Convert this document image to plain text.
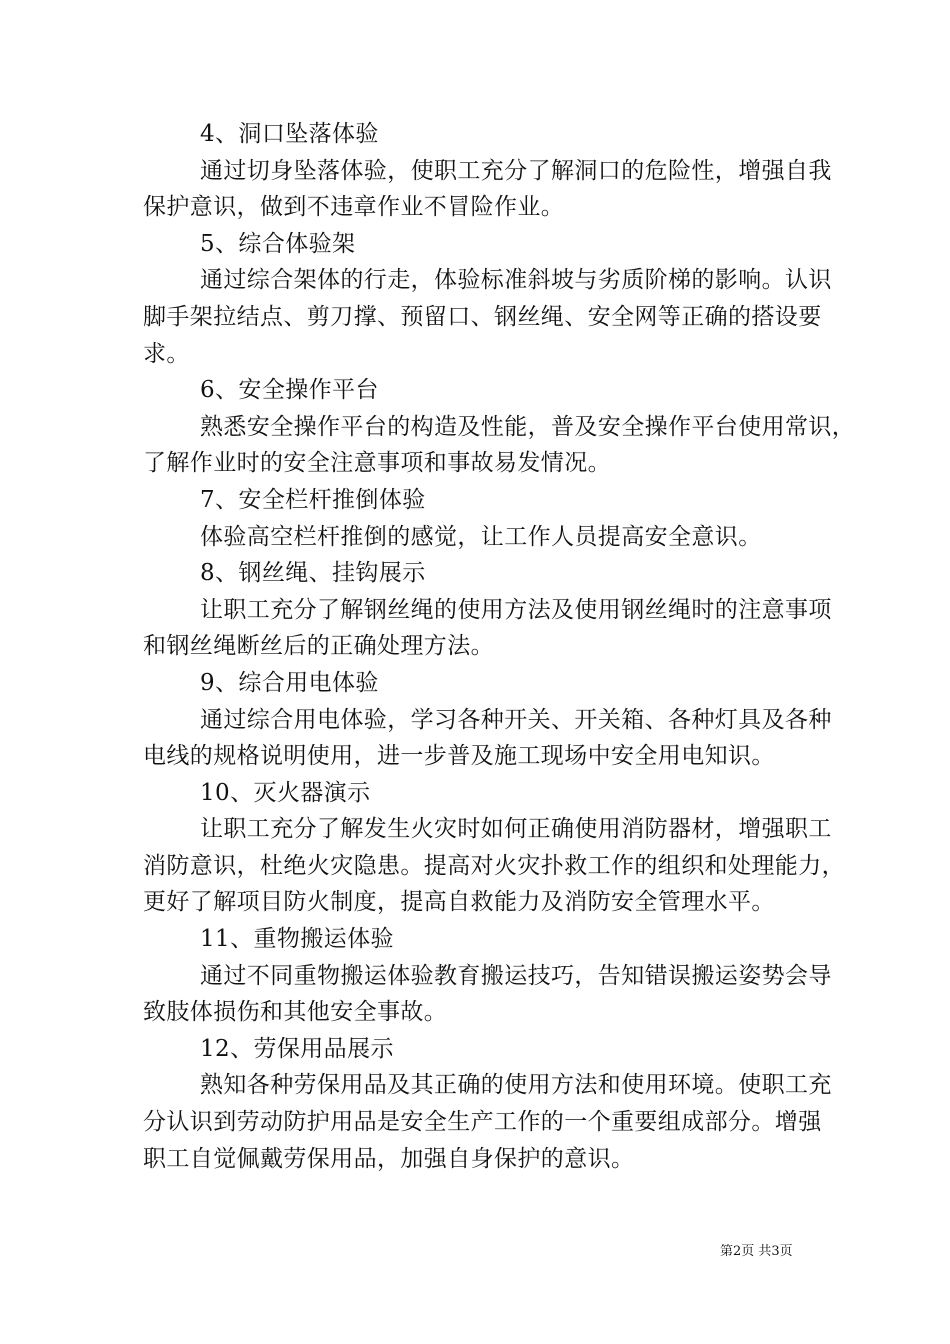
4、洞口坠落体验
通过切身坠落体验，使职工充分了解洞口的危险性，增强自我
保护意识，做到不违章作业不冒险作业。
5、综合体验架
通过综合架体的行走，体验标准斜坡与劣质阶梯的影响。认识
脚手架拉结点、剪刀撑、预留口、钢丝绳、安全网等正确的搭设要
求。
6、安全操作平台
熟悉安全操作平台的构造及性能，普及安全操作平台使用常识，
了解作业时的安全注意事项和事故易发情况。
7、安全栏杆推倒体验
体验高空栏杆推倒的感觉，让工作人员提高安全意识。
8、钢丝绳、挂钩展示
让职工充分了解钢丝绳的使用方法及使用钢丝绳时的注意事项
和钢丝绳断丝后的正确处理方法。
9、综合用电体验
通过综合用电体验，学习各种开关、开关箱、各种灯具及各种
电线的规格说明使用，进一步普及施工现场中安全用电知识。
10、灭火器演示
让职工充分了解发生火灾时如何正确使用消防器材，增强职工
消防意识，杜绝火灾隐患。提高对火灾扑救工作的组织和处理能力，
更好了解项目防火制度，提高自救能力及消防安全管理水平。
11、重物搬运体验
通过不同重物搬运体验教育搬运技巧，告知错误搬运姿势会导
致肢体损伤和其他安全事故。
12、劳保用品展示
熟知各种劳保用品及其正确的使用方法和使用环境。使职工充
分认识到劳动防护用品是安全生产工作的一个重要组成部分。增强
职工自觉佩戴劳保用品，加强自身保护的意识。
第2页 共3页
